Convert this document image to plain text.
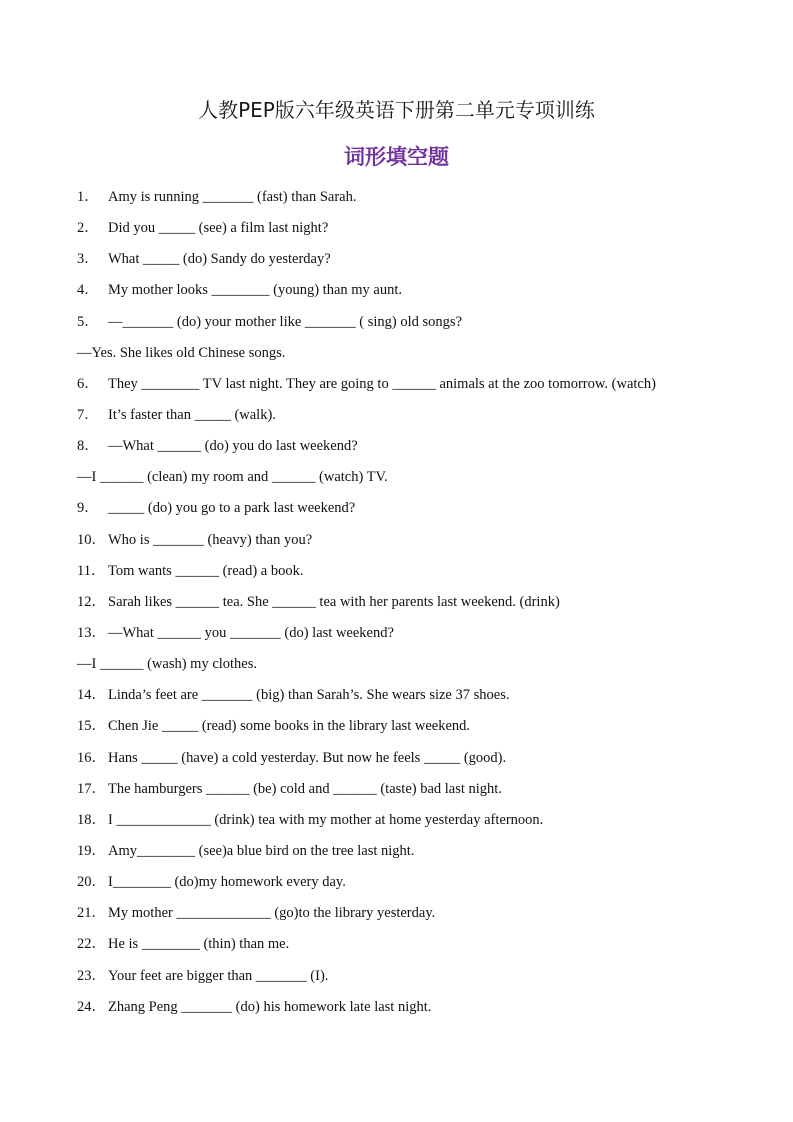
人教PEP版六年级英语下册第二单元专项训练
词形填空题
1． Amy is running _______ (fast) than Sarah.
2． Did you _____ (see) a film last night?
3． What _____ (do) Sandy do yesterday?
4． My mother looks ________ (young) than my aunt.
5． —_______ (do) your mother like _______ ( sing) old songs?
—Yes. She likes old Chinese songs.
6． They ________ TV last night. They are going to ______ animals at the zoo tomorrow. (watch)
7． It’s faster than _____ (walk).
8． —What ______ (do) you do last weekend?
—I ______ (clean) my room and ______ (watch) TV.
9． _____ (do) you go to a park last weekend?
10． Who is _______ (heavy) than you?
11． Tom wants ______ (read) a book.
12． Sarah likes ______ tea. She ______ tea with her parents last weekend. (drink)
13． —What ______ you _______ (do) last weekend?
—I ______ (wash) my clothes.
14． Linda’s feet are _______ (big) than Sarah’s. She wears size 37 shoes.
15． Chen Jie _____ (read) some books in the library last weekend.
16． Hans _____ (have) a cold yesterday. But now he feels _____ (good).
17． The hamburgers ______ (be) cold and ______ (taste) bad last night.
18． I _____________ (drink) tea with my mother at home yesterday afternoon.
19． Amy________ (see)a blue bird on the tree last night.
20． I________ (do)my homework every day.
21． My mother _____________ (go)to the library yesterday.
22． He is ________ (thin) than me.
23． Your feet are bigger than _______ (I).
24． Zhang Peng _______ (do) his homework late last night.
